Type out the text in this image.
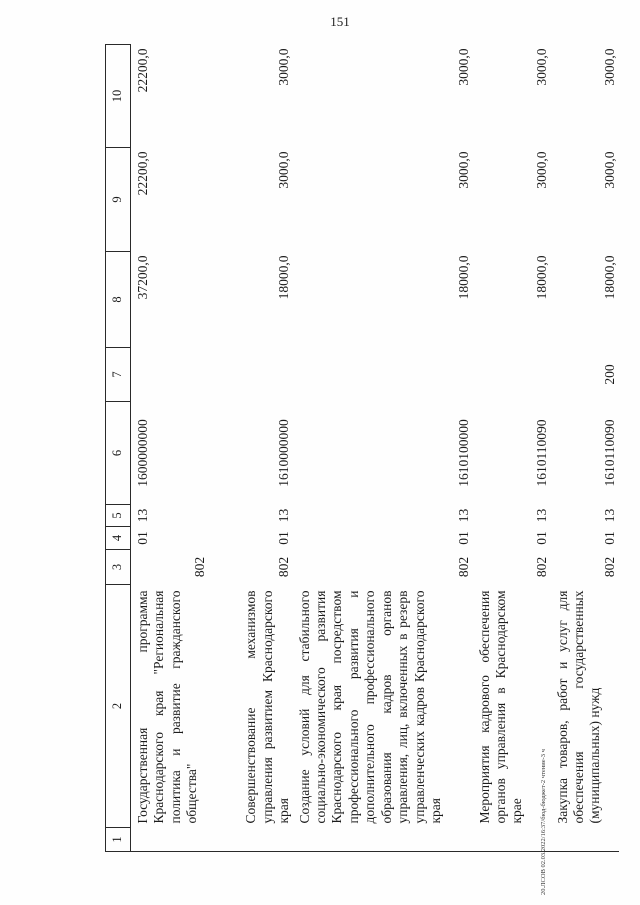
151
1	2	3	4	5	6	7	8	9	10
	Государственная программа Краснодарского края "Региональная политика и развитие гражданского общества"	802	01	13	1600000000		37200,0	22200,0	22200,0
	Совершенствование механизмов управления развитием Краснодарского края	802	01	13	1610000000		18000,0	3000,0	3000,0
	Создание условий для стабильного социально-экономического развития Краснодарского края посредством профессионального развития и дополнительного профессионального образования кадров органов управления, лиц, включенных в резерв управленческих кадров Краснодарского края	802	01	13	1610100000		18000,0	3000,0	3000,0
	Мероприятия кадрового обеспечения органов управления в Краснодарском крае	802	01	13	1610110090		18000,0	3000,0	3000,0
	Закупка товаров, работ и услуг для обеспечения государственных (муниципальных) нужд	802	01	13	1610110090	200	18000,0	3000,0	3000,0
20.ЛСОВ 02.03.2022/16:37/бюд-бюджет-2 чтение-3 ч
